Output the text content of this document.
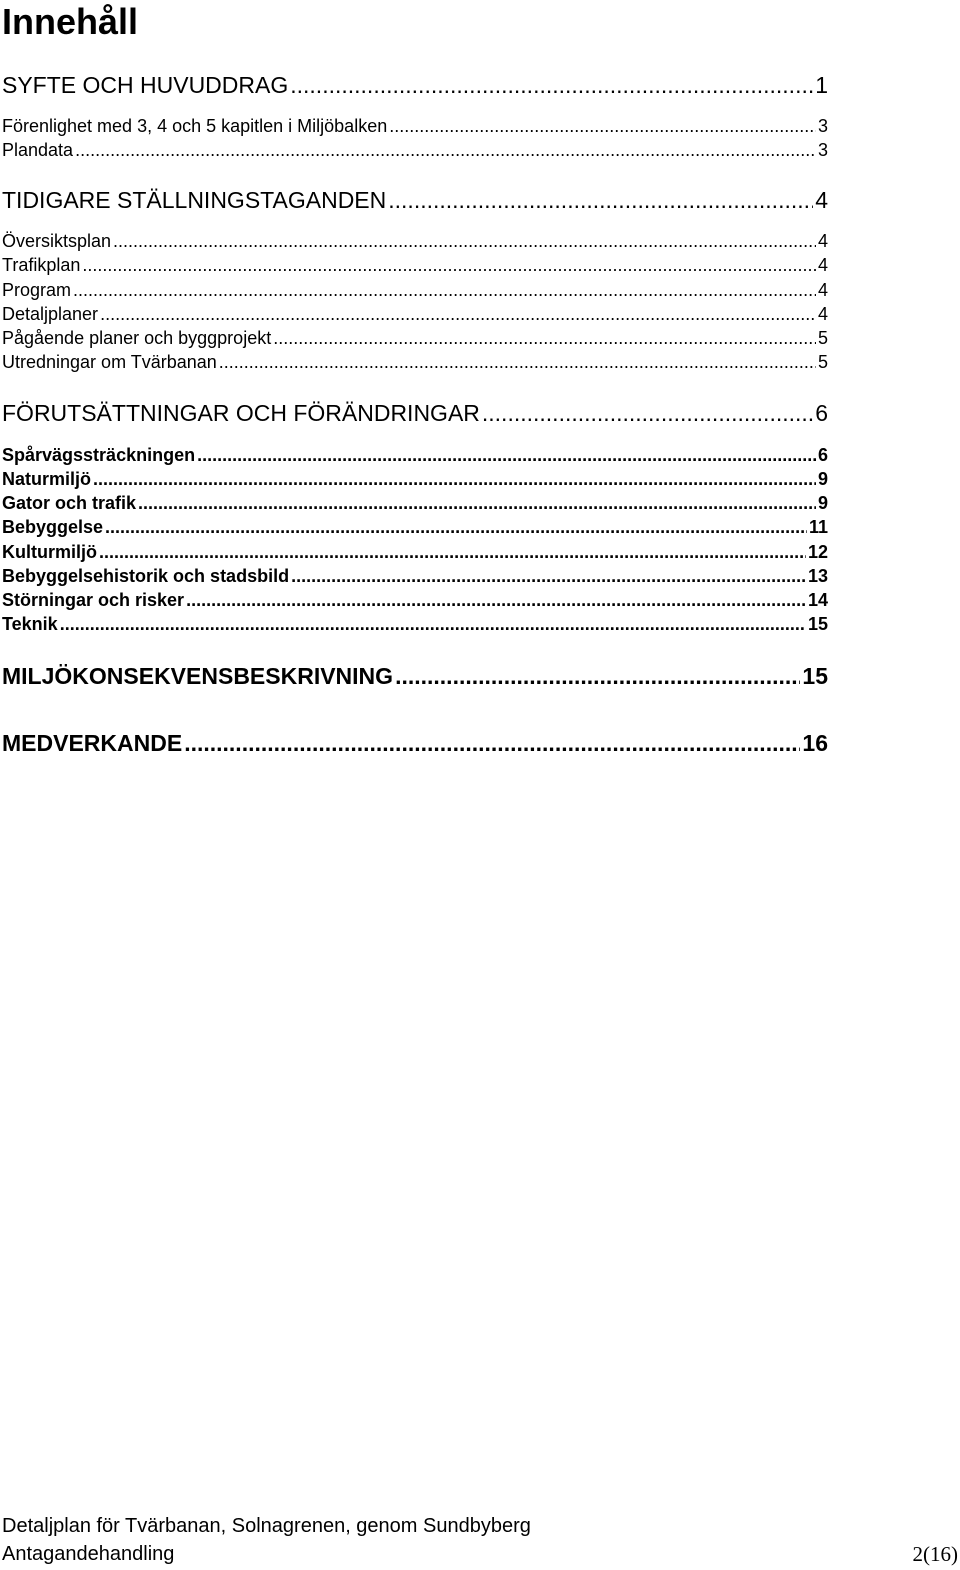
Innehåll
SYFTE OCH HUVUDDRAG .....	1
Förenlighet med 3, 4 och 5 kapitlen i Miljöbalken .....	3
Plandata .....	3
TIDIGARE STÄLLNINGSTAGANDEN .....	4
Översiktsplan .....	4
Trafikplan .....	4
Program .....	4
Detaljplaner .....	4
Pågående planer och byggprojekt .....	5
Utredningar om Tvärbanan .....	5
FÖRUTSÄTTNINGAR OCH FÖRÄNDRINGAR .....	6
Spårvägssträckningen .....	6
Naturmiljö .....	9
Gator och trafik .....	9
Bebyggelse .....	11
Kulturmiljö .....	12
Bebyggelsehistorik och stadsbild .....	13
Störningar och risker .....	14
Teknik .....	15
MILJÖKONSEKVENSBESKRIVNING .....	15
MEDVERKANDE .....	16
Detaljplan för Tvärbanan, Solnagrenen, genom Sundbyberg
Antagandehandling	2(16)
